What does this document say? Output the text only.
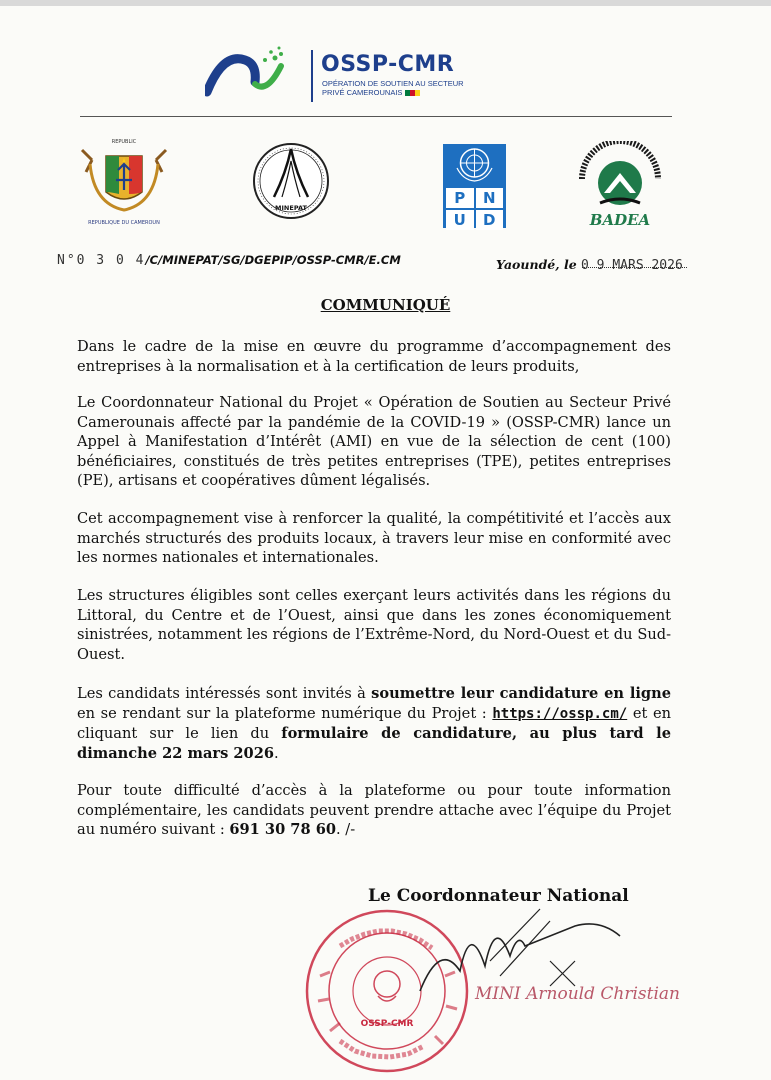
OSSP-CMR
OPÉRATION DE SOUTIEN AU SECTEUR
PRIVÉ CAMEROUNAIS
REPUBLIC
REPUBLIQUE DU CAMEROUN
MINEPAT
P	N
U	D	BADEA
N°0 3 0 4/C/MINEPAT/SG/DGEPIP/OSSP-CMR/E.CM	Yaoundé, le 0 9 MARS 2026
COMMUNIQUÉ
Dans le cadre de la mise en œuvre du programme d’accompagnement des entreprises à la normalisation et à la certification de leurs produits,
Le Coordonnateur National du Projet « Opération de Soutien au Secteur Privé Camerounais affecté par la pandémie de la COVID-19 » (OSSP-CMR) lance un Appel à Manifestation d’Intérêt (AMI) en vue de la sélection de cent (100) bénéficiaires, constitués de très petites entreprises (TPE), petites entreprises (PE), artisans et coopératives dûment légalisés.
Cet accompagnement vise à renforcer la qualité, la compétitivité et l’accès aux marchés structurés des produits locaux, à travers leur mise en conformité avec les normes nationales et internationales.
Les structures éligibles sont celles exerçant leurs activités dans les régions du Littoral, du Centre et de l’Ouest, ainsi que dans les zones économiquement sinistrées, notamment les régions de l’Extrême-Nord, du Nord-Ouest et du Sud-Ouest.
Les candidats intéressés sont invités à soumettre leur candidature en ligne en se rendant sur la plateforme numérique du Projet : https://ossp.cm/ et en cliquant sur le lien du formulaire de candidature, au plus tard le dimanche 22 mars 2026.
Pour toute difficulté d’accès à la plateforme ou pour toute information complémentaire, les candidats peuvent prendre attache avec l’équipe du Projet au numéro suivant : 691 30 78 60. /-
Le Coordonnateur National
OSSP-CMR
MINI Arnould Christian
